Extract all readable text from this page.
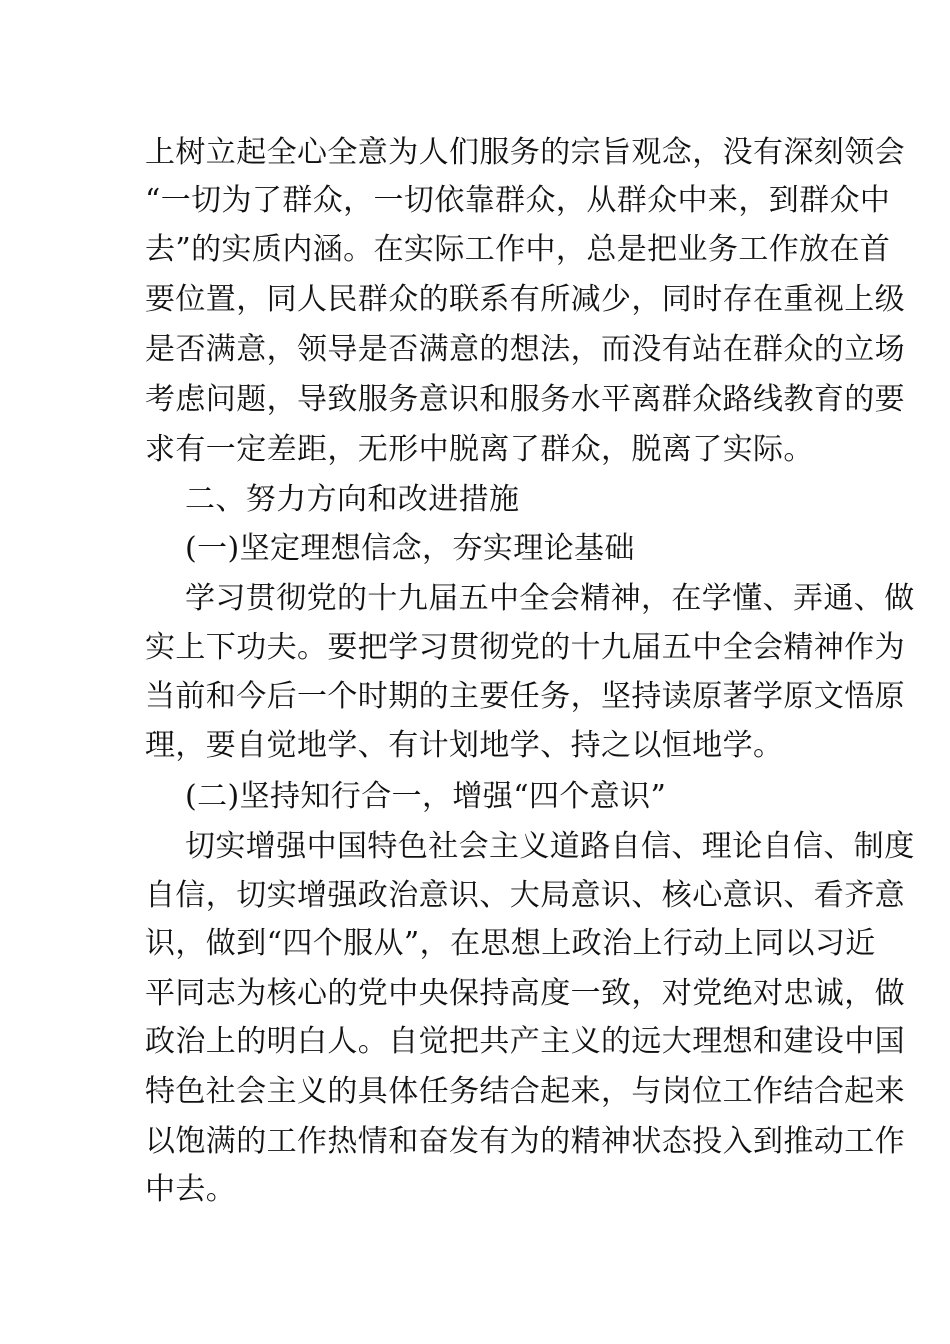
上树立起全心全意为人们服务的宗旨观念，没有深刻领会
“一切为了群众，一切依靠群众，从群众中来，到群众中
去”的实质内涵。在实际工作中，总是把业务工作放在首
要位置，同人民群众的联系有所减少，同时存在重视上级
是否满意，领导是否满意的想法，而没有站在群众的立场
考虑问题，导致服务意识和服务水平离群众路线教育的要
求有一定差距，无形中脱离了群众，脱离了实际。
二、努力方向和改进措施
(一)坚定理想信念，夯实理论基础
学习贯彻党的十九届五中全会精神，在学懂、弄通、做
实上下功夫。要把学习贯彻党的十九届五中全会精神作为
当前和今后一个时期的主要任务，坚持读原著学原文悟原
理，要自觉地学、有计划地学、持之以恒地学。
(二)坚持知行合一，增强“四个意识”
切实增强中国特色社会主义道路自信、理论自信、制度
自信，切实增强政治意识、大局意识、核心意识、看齐意
识，做到“四个服从”，在思想上政治上行动上同以习近
平同志为核心的党中央保持高度一致，对党绝对忠诚，做
政治上的明白人。自觉把共产主义的远大理想和建设中国
特色社会主义的具体任务结合起来，与岗位工作结合起来
以饱满的工作热情和奋发有为的精神状态投入到推动工作
中去。
